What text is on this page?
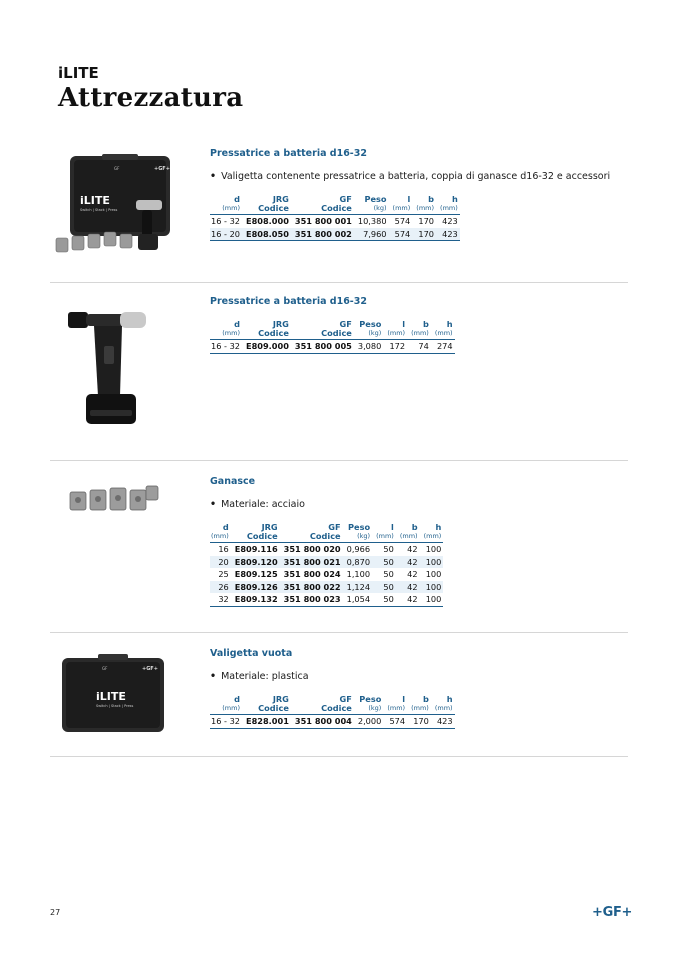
iLITE
Attrezzatura
GF	+GF+
iLITE
Switch | Stack | Press
Pressatrice a batteria d16-32
• Valigetta contenente pressatrice a batteria, coppia di ganasce d16-32 e accessori
d	JRG	GF	Peso	l	b	h
(mm)	Codice	Codice	(kg)	(mm)	(mm)	(mm)
16 - 32	E808.000	351 800 001	10,380	574	170	423
16 - 20	E808.050	351 800 002	7,960	574	170	423
Pressatrice a batteria d16-32
d	JRG	GF	Peso	l	b	h
(mm)	Codice	Codice	(kg)	(mm)	(mm)	(mm)
16 - 32	E809.000	351 800 005	3,080	172	74	274
Ganasce
• Materiale: acciaio
d	JRG	GF	Peso	l	b	h
(mm)	Codice	Codice	(kg)	(mm)	(mm)	(mm)
16	E809.116	351 800 020	0,966	50	42	100
20	E809.120	351 800 021	0,870	50	42	100
25	E809.125	351 800 024	1,100	50	42	100
26	E809.126	351 800 022	1,124	50	42	100
32	E809.132	351 800 023	1,054	50	42	100
GF	+GF+
iLITE
Switch | Stack | Press
Valigetta vuota
• Materiale: plastica
d	JRG	GF	Peso	l	b	h
(mm)	Codice	Codice	(kg)	(mm)	(mm)	(mm)
16 - 32	E828.001	351 800 004	2,000	574	170	423
27	+GF+
